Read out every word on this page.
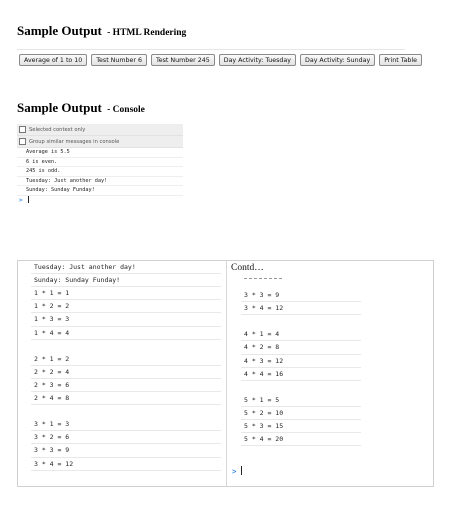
Sample Output - HTML Rendering
Average of 1 to 10	Test Number 6	Test Number 245	Day Activity: Tuesday	Day Activity: Sunday	Print Table
Sample Output - Console
Selected context only
Group similar messages in console
Average is 5.5
6 is even.
245 is odd.
Tuesday: Just another day!
Sunday: Sunday Funday!
>
Tuesday: Just another day!
Sunday: Sunday Funday!
1 * 1 = 1
1 * 2 = 2
1 * 3 = 3
1 * 4 = 4
2 * 1 = 2
2 * 2 = 4
2 * 3 = 6
2 * 4 = 8
3 * 1 = 3
3 * 2 = 6
3 * 3 = 9
3 * 4 = 12
Contd…
>
3 * 3 = 9
3 * 4 = 12
4 * 1 = 4
4 * 2 = 8
4 * 3 = 12
4 * 4 = 16
5 * 1 = 5
5 * 2 = 10
5 * 3 = 15
5 * 4 = 20
